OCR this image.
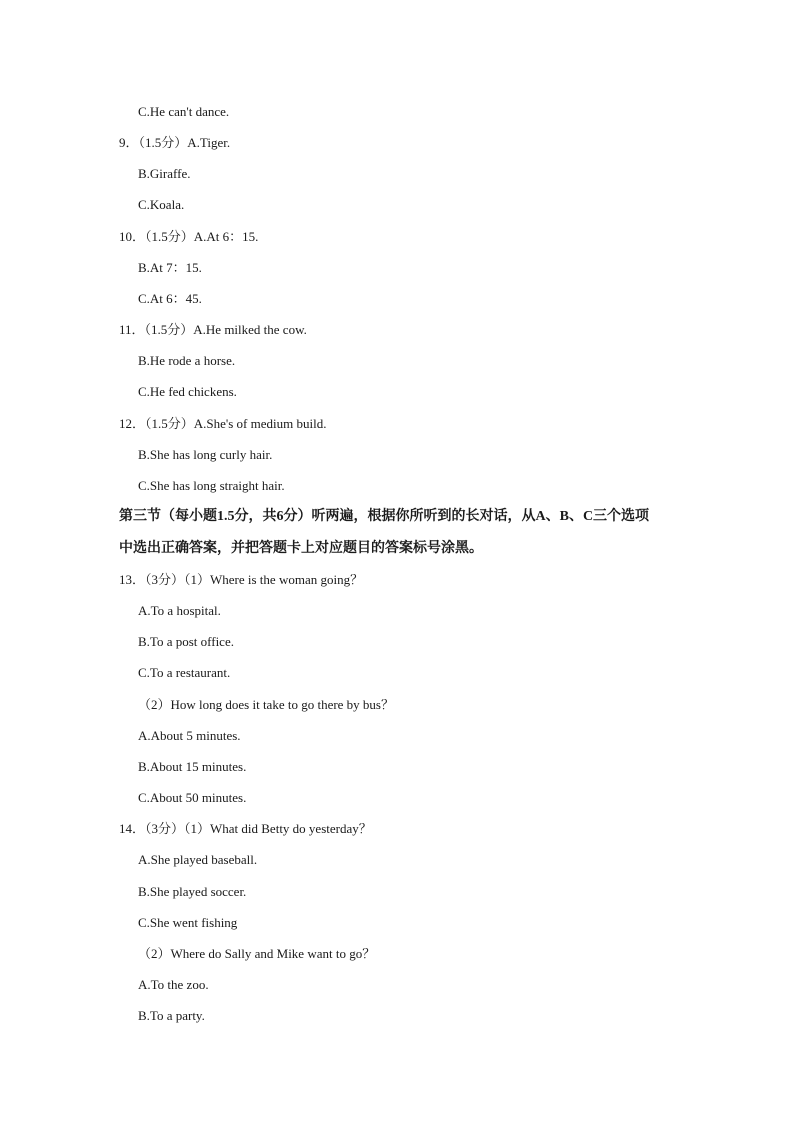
C.He can't dance.
9．（1.5分）A.Tiger.
B.Giraffe.
C.Koala.
10．（1.5分）A.At 6：15.
B.At 7：15.
C.At 6：45.
11．（1.5分）A.He milked the cow.
B.He rode a horse.
C.He fed chickens.
12．（1.5分）A.She's of medium build.
B.She has long curly hair.
C.She has long straight hair.
第三节（每小题1.5分，共6分）听两遍，根据你所听到的长对话，从A、B、C三个选项
中选出正确答案，并把答题卡上对应题目的答案标号涂黑。
13．（3分）（1）Where is the woman going？
A.To a hospital.
B.To a post office.
C.To a restaurant.
（2）How long does it take to go there by bus？
A.About 5 minutes.
B.About 15 minutes.
C.About 50 minutes.
14．（3分）（1）What did Betty do yesterday？
A.She played baseball.
B.She played soccer.
C.She went fishing
（2）Where do Sally and Mike want to go？
A.To the zoo.
B.To a party.
